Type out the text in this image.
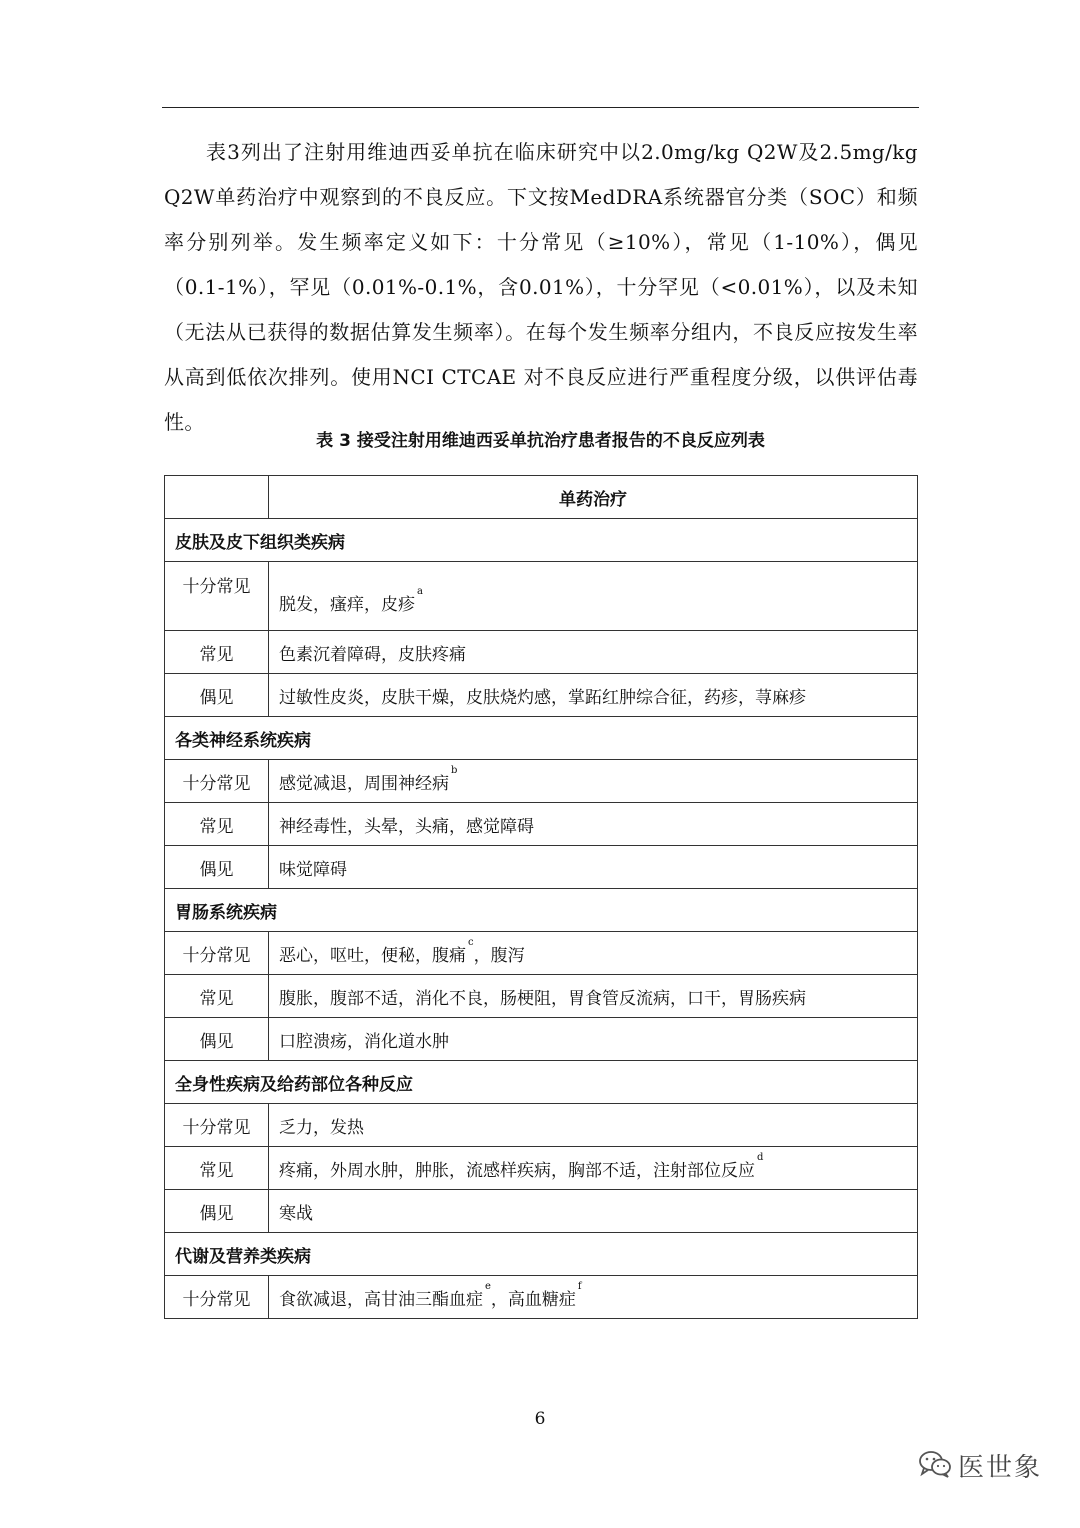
表3列出了注射用维迪西妥单抗在临床研究中以2.0mg/kg Q2W及2.5mg/kg Q2W单药治疗中观察到的不良反应。下文按MedDRA系统器官分类（SOC）和频率分别列举。发生频率定义如下：十分常见（≥10%），常见（1-10%），偶见（0.1-1%），罕见（0.01%-0.1%，含0.01%），十分罕见（<0.01%），以及未知（无法从已获得的数据估算发生频率）。在每个发生频率分组内，不良反应按发生率从高到低依次排列。使用NCI CTCAE 对不良反应进行严重程度分级，以供评估毒性。

表 3 接受注射用维迪西妥单抗治疗患者报告的不良反应列表

	单药治疗
皮肤及皮下组织类疾病	
十分常见	脱发，瘙痒，皮疹$^a$
常见	色素沉着障碍，皮肤疼痛
偶见	过敏性皮炎，皮肤干燥，皮肤烧灼感，掌跖红肿综合征，药疹，荨麻疹
各类神经系统疾病	
十分常见	感觉减退，周围神经病$^b$
常见	神经毒性，头晕，头痛，感觉障碍
偶见	味觉障碍
胃肠系统疾病	
十分常见	恶心，呕吐，便秘，腹痛$^c$，腹泻
常见	腹胀，腹部不适，消化不良，肠梗阻，胃食管反流病，口干，胃肠疾病
偶见	口腔溃疡，消化道水肿
全身性疾病及给药部位各种反应	
十分常见	乏力，发热
常见	疼痛，外周水肿，肿胀，流感样疾病，胸部不适，注射部位反应$^d$
偶见	寒战
代谢及营养类疾病	
十分常见	食欲减退，高甘油三酯血症$^e$，高血糖症$^f$

6

医世象
